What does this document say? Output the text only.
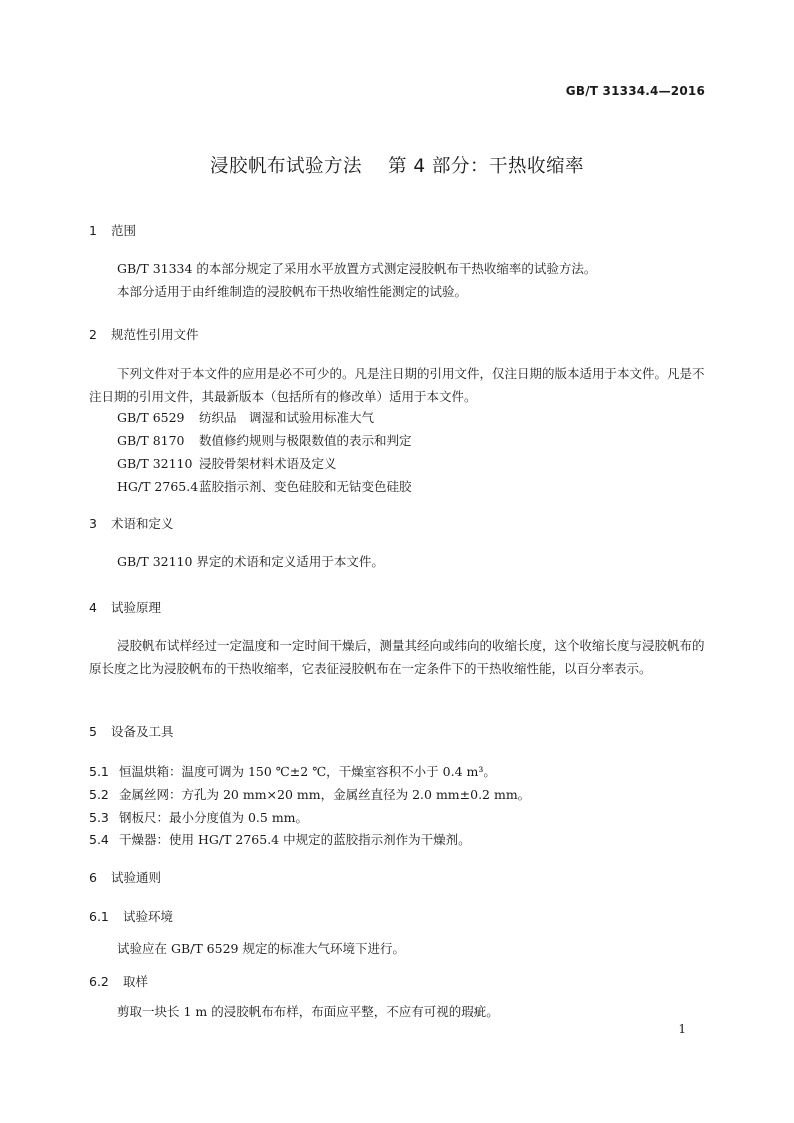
GB/T 31334.4—2016
浸胶帆布试验方法 第 4 部分：干热收缩率
1 范围
GB/T 31334 的本部分规定了采用水平放置方式测定浸胶帆布干热收缩率的试验方法。
本部分适用于由纤维制造的浸胶帆布干热收缩性能测定的试验。
2 规范性引用文件
下列文件对于本文件的应用是必不可少的。凡是注日期的引用文件，仅注日期的版本适用于本文件。凡是不注日期的引用文件，其最新版本（包括所有的修改单）适用于本文件。
GB/T 6529 纺织品　调湿和试验用标准大气
GB/T 8170 数值修约规则与极限数值的表示和判定
GB/T 32110 浸胶骨架材料术语及定义
HG/T 2765.4蓝胶指示剂、变色硅胶和无钴变色硅胶
3 术语和定义
GB/T 32110 界定的术语和定义适用于本文件。
4 试验原理
浸胶帆布试样经过一定温度和一定时间干燥后，测量其经向或纬向的收缩长度，这个收缩长度与浸胶帆布的原长度之比为浸胶帆布的干热收缩率，它表征浸胶帆布在一定条件下的干热收缩性能，以百分率表示。
5 设备及工具
5.1 恒温烘箱：温度可调为 150 ℃±2 ℃，干燥室容积不小于 0.4 m³。
5.2 金属丝网：方孔为 20 mm×20 mm，金属丝直径为 2.0 mm±0.2 mm。
5.3 钢板尺：最小分度值为 0.5 mm。
5.4 干燥器：使用 HG/T 2765.4 中规定的蓝胶指示剂作为干燥剂。
6 试验通则
6.1 试验环境
试验应在 GB/T 6529 规定的标准大气环境下进行。
6.2 取样
剪取一块长 1 m 的浸胶帆布布样，布面应平整，不应有可视的瑕疵。
1
